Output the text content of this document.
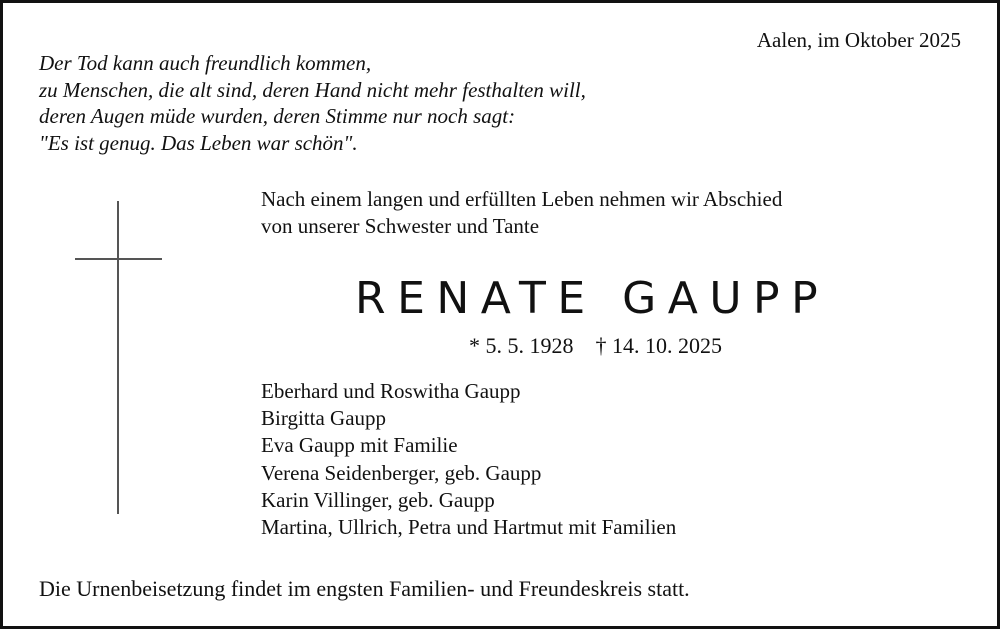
Aalen, im Oktober 2025
Der Tod kann auch freundlich kommen,
zu Menschen, die alt sind, deren Hand nicht mehr festhalten will,
deren Augen müde wurden, deren Stimme nur noch sagt:
"Es ist genug. Das Leben war schön".
Nach einem langen und erfüllten Leben nehmen wir Abschied
von unserer Schwester und Tante
RENATE GAUPP
* 5. 5. 1928 † 14. 10. 2025
Eberhard und Roswitha Gaupp
Birgitta Gaupp
Eva Gaupp mit Familie
Verena Seidenberger, geb. Gaupp
Karin Villinger, geb. Gaupp
Martina, Ullrich, Petra und Hartmut mit Familien
Die Urnenbeisetzung findet im engsten Familien- und Freundeskreis statt.
